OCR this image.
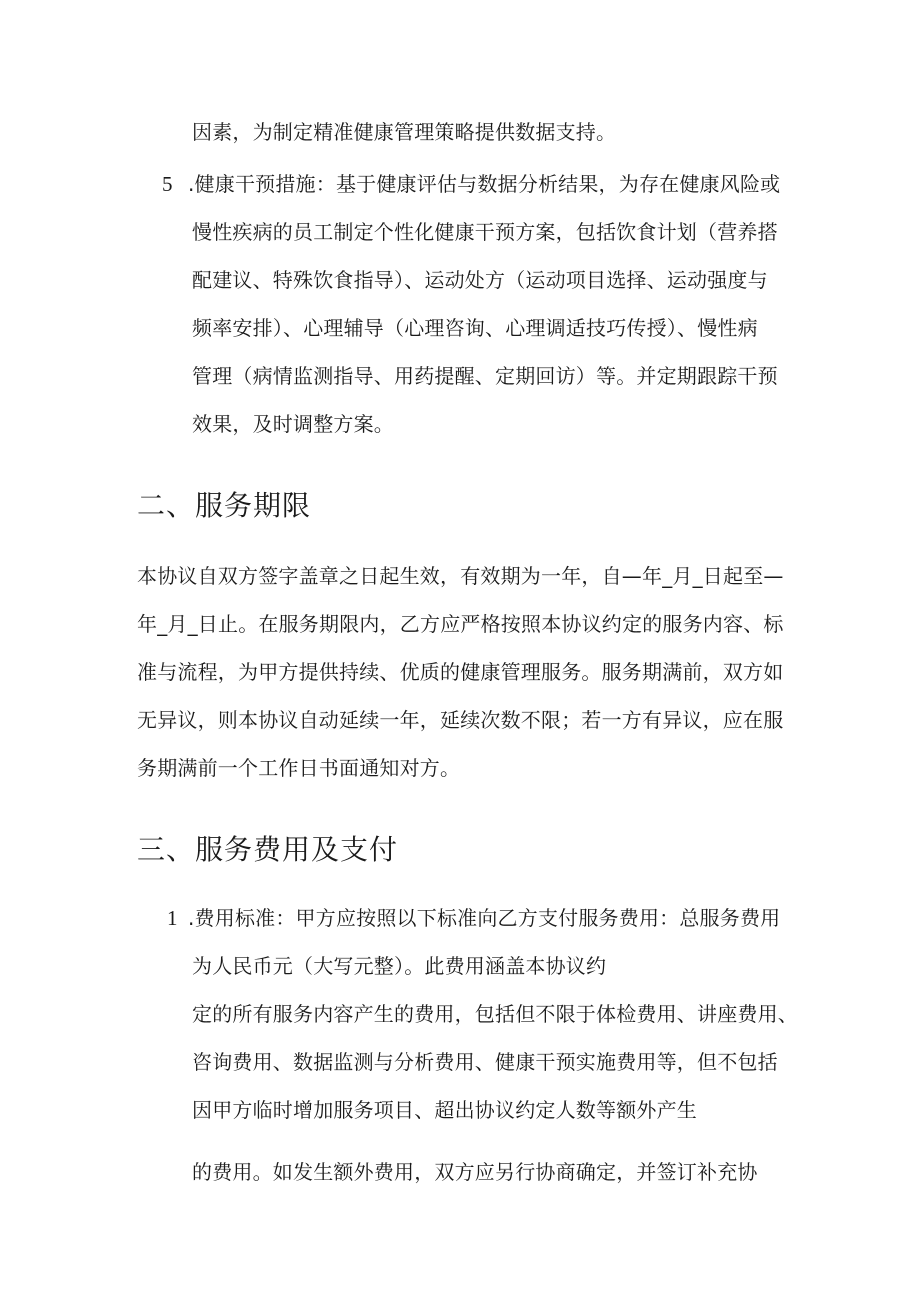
因素，为制定精准健康管理策略提供数据支持。
5 .健康干预措施：基于健康评估与数据分析结果，为存在健康风险或
慢性疾病的员工制定个性化健康干预方案，包括饮食计划（营养搭
配建议、特殊饮食指导）、运动处方（运动项目选择、运动强度与
频率安排）、心理辅导（心理咨询、心理调适技巧传授）、慢性病
管理（病情监测指导、用药提醒、定期回访）等。并定期跟踪干预
效果，及时调整方案。
二、服务期限
本协议自双方签字盖章之日起生效，有效期为一年，自—年_月_日起至—
年_月_日止。在服务期限内，乙方应严格按照本协议约定的服务内容、标
准与流程，为甲方提供持续、优质的健康管理服务。服务期满前，双方如
无异议，则本协议自动延续一年，延续次数不限；若一方有异议，应在服
务期满前一个工作日书面通知对方。
三、服务费用及支付
1 .费用标准：甲方应按照以下标准向乙方支付服务费用：总服务费用
为人民币元（大写元整）。此费用涵盖本协议约
定的所有服务内容产生的费用，包括但不限于体检费用、讲座费用、
咨询费用、数据监测与分析费用、健康干预实施费用等，但不包括
因甲方临时增加服务项目、超出协议约定人数等额外产生
的费用。如发生额外费用，双方应另行协商确定，并签订补充协
